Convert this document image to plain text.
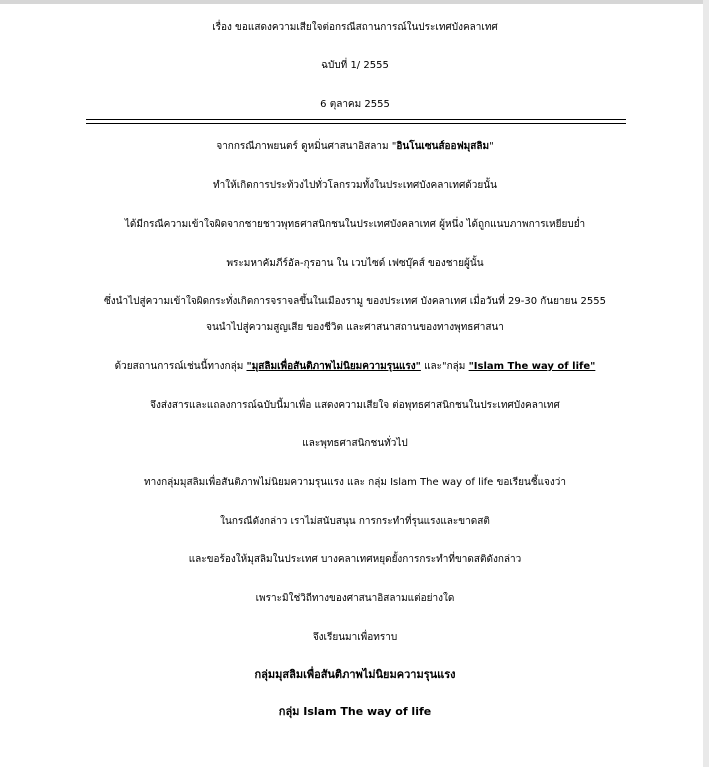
เรื่อง ขอแสดงความเสียใจต่อกรณีสถานการณ์ในประเทศบังคลาเทศ
ฉบับที่ 1/ 2555
6 ตุลาคม 2555
จากกรณีภาพยนตร์ ดูหมิ่นศาสนาอิสลาม "อินโนเซนส์ออฟมุสลิม"
ทำให้เกิดการประท้วงไปทั่วโลกรวมทั้งในประเทศบังคลาเทศด้วยนั้น
ได้มีกรณีความเข้าใจผิดจากชายชาวพุทธศาสนิกชนในประเทศบังคลาเทศ ผู้หนึ่ง ได้ถูกแนบภาพการเหยียบย่ำ
พระมหาคัมภีร์อัล-กุรอาน ใน เวบไซด์ เฟซบุ๊คส์ ของชายผู้นั้น
ซึ่งนำไปสู่ความเข้าใจผิดกระทั่งเกิดการจราจลขึ้นในเมืองรามู ของประเทศ บังคลาเทศ เมื่อวันที่ 29-30 กันยายน 2555
จนนำไปสู่ความสูญเสีย ของชีวิต และศาสนาสถานของทางพุทธศาสนา
ด้วยสถานการณ์เช่นนี้ทางกลุ่ม "มุสลิมเพื่อสันติภาพไม่นิยมความรุนแรง" และ"กลุ่ม "Islam The way of life"
จึงส่งสารและแถลงการณ์ฉบับนี้มาเพื่อ แสดงความเสียใจ ต่อพุทธศาสนิกชนในประเทศบังคลาเทศ
และพุทธศาสนิกชนทั่วไป
ทางกลุ่มมุสลิมเพื่อสันติภาพไม่นิยมความรุนแรง และ กลุ่ม Islam The way of life ขอเรียนชี้แจงว่า
ในกรณีดังกล่าว เราไม่สนับสนุน การกระทำที่รุนแรงและขาดสติ
และขอร้องให้มุสลิมในประเทศ บางคลาเทศหยุดยั้งการกระทำที่ขาดสติดังกล่าว
เพราะมิใช่วิถีทางของศาสนาอิสลามแต่อย่างใด
จึงเรียนมาเพื่อทราบ
กลุ่มมุสลิมเพื่อสันติภาพไม่นิยมความรุนแรง
กลุ่ม Islam The way of life
